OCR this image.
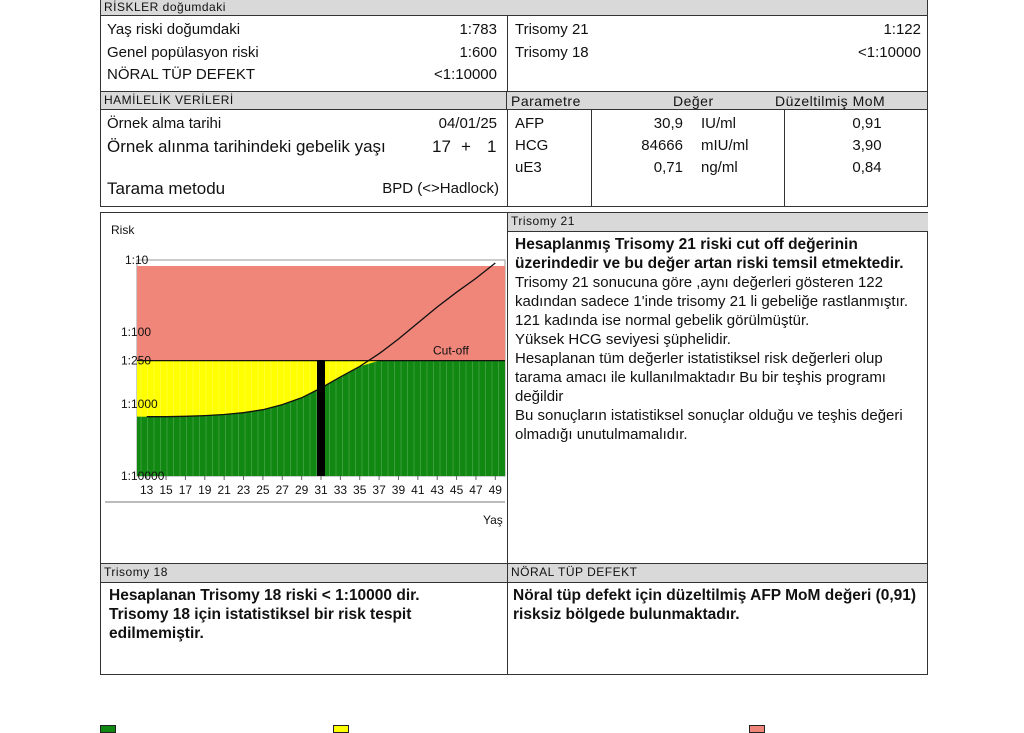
RİSKLER doğumdaki
Yaş riski doğumdaki	1:783
Genel popülasyon riski	1:600
NÖRAL TÜP DEFEKT	<1:10000
Trisomy 21	1:122
Trisomy 18	<1:10000
HAMİLELİK VERİLERİ	Parametre	Değer	Düzeltilmiş MoM
Örnek alma tarihi	04/01/25
Örnek alınma tarihindeki gebelik yaşı	17 + 1
Tarama metodu	BPD (<>Hadlock)
AFP	30,9 IU/ml	0,91
HCG	84666 mIU/ml	3,90
uE3	0,71 ng/ml	0,84
Risk
Cut-off
1:10
1:100
1:250
1:1000
1:10000
13 15 17 19 21 23 25 27 29 31 33 35 37 39 41 43 45 47 49
Yaş
Trisomy 21
Hesaplanmış Trisomy 21 riski cut off değerinin üzerindedir ve bu değer artan riski temsil etmektedir.
Trisomy 21 sonucuna göre ,aynı değerleri gösteren 122 kadından sadece 1'inde trisomy 21 li gebeliğe rastlanmıştır. 121 kadında ise normal gebelik görülmüştür.
Yüksek HCG seviyesi şüphelidir.
Hesaplanan tüm değerler istatistiksel risk değerleri olup tarama amacı ile kullanılmaktadır Bu bir teşhis programı değildir
Bu sonuçların istatistiksel sonuçlar olduğu ve teşhis değeri olmadığı unutulmamalıdır.
Trisomy 18	NÖRAL TÜP DEFEKT
Hesaplanan Trisomy 18 riski < 1:10000 dir. Trisomy 18 için istatistiksel bir risk tespit edilmemiştir.
Nöral tüp defekt için düzeltilmiş AFP MoM değeri (0,91) risksiz bölgede bulunmaktadır.
